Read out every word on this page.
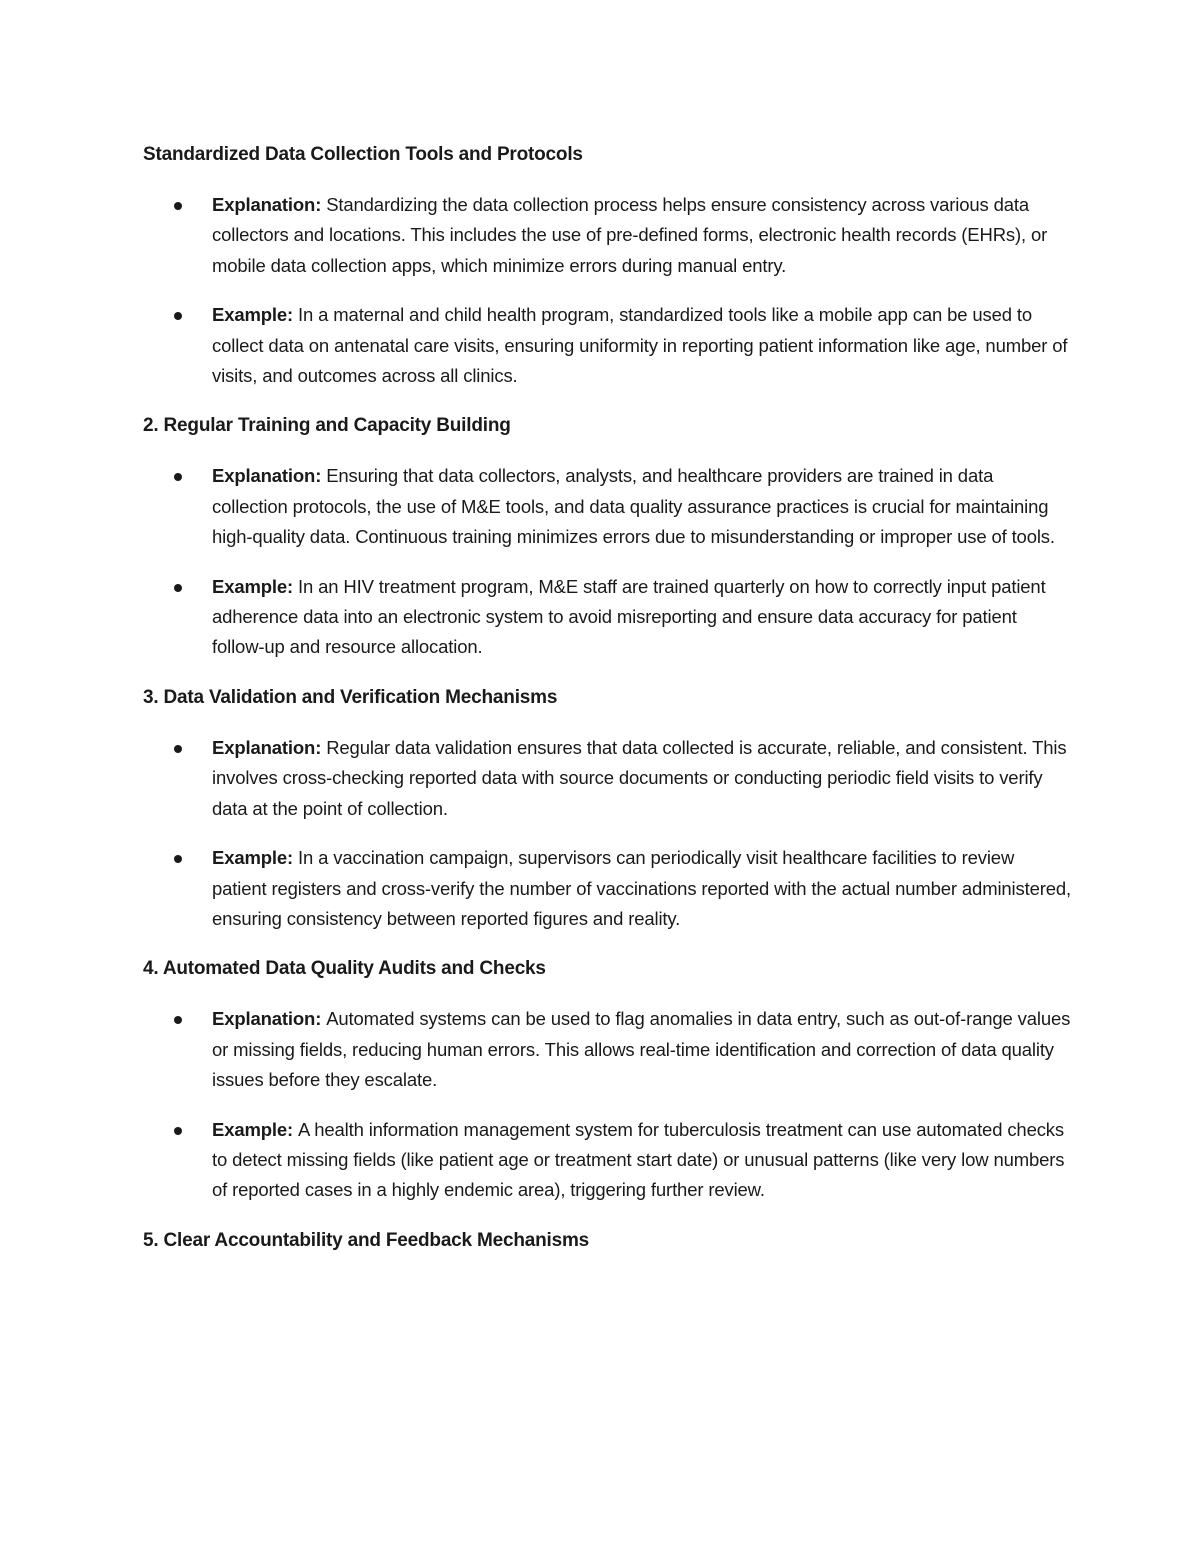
Standardized Data Collection Tools and Protocols
Explanation: Standardizing the data collection process helps ensure consistency across various data collectors and locations. This includes the use of pre-defined forms, electronic health records (EHRs), or mobile data collection apps, which minimize errors during manual entry.
Example: In a maternal and child health program, standardized tools like a mobile app can be used to collect data on antenatal care visits, ensuring uniformity in reporting patient information like age, number of visits, and outcomes across all clinics.
2. Regular Training and Capacity Building
Explanation: Ensuring that data collectors, analysts, and healthcare providers are trained in data collection protocols, the use of M&E tools, and data quality assurance practices is crucial for maintaining high-quality data. Continuous training minimizes errors due to misunderstanding or improper use of tools.
Example: In an HIV treatment program, M&E staff are trained quarterly on how to correctly input patient adherence data into an electronic system to avoid misreporting and ensure data accuracy for patient follow-up and resource allocation.
3. Data Validation and Verification Mechanisms
Explanation: Regular data validation ensures that data collected is accurate, reliable, and consistent. This involves cross-checking reported data with source documents or conducting periodic field visits to verify data at the point of collection.
Example: In a vaccination campaign, supervisors can periodically visit healthcare facilities to review patient registers and cross-verify the number of vaccinations reported with the actual number administered, ensuring consistency between reported figures and reality.
4. Automated Data Quality Audits and Checks
Explanation: Automated systems can be used to flag anomalies in data entry, such as out-of-range values or missing fields, reducing human errors. This allows real-time identification and correction of data quality issues before they escalate.
Example: A health information management system for tuberculosis treatment can use automated checks to detect missing fields (like patient age or treatment start date) or unusual patterns (like very low numbers of reported cases in a highly endemic area), triggering further review.
5. Clear Accountability and Feedback Mechanisms
